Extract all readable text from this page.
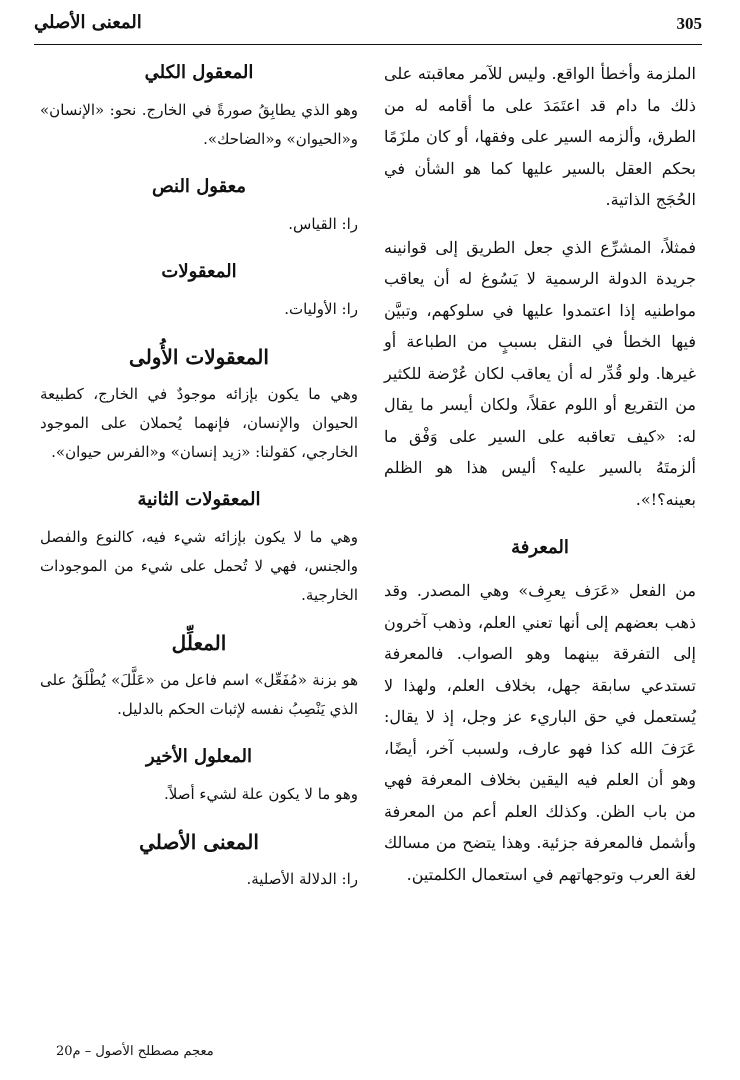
305
المعنى الأصلي

الملزمة وأخطأ الواقع. وليس للآمر معاقبته على ذلك ما دام قد اعتَمَدَ على ما أقامه له من الطرق، وألزمه السير على وفقها، أو كان ملزَمًا بحكم العقل بالسير عليها كما هو الشأن في الحُجَج الذاتية.

فمثلاً، المشرِّع الذي جعل الطريق إلى قوانينه جريدة الدولة الرسمية لا يَسُوغ له أن يعاقب مواطنيه إذا اعتمدوا عليها في سلوكهم، وتبيَّن فيها الخطأ في النقل بسببٍ من الطباعة أو غيرها. ولو قُدِّر له أن يعاقب لكان عُرْضة للكثير من التقريع أو اللوم عقلاً، ولكان أيسر ما يقال له: «كيف تعاقبه على السير على وَفْق ما ألزمتَهُ بالسير عليه؟ أليس هذا هو الظلم بعينه؟!».

المعرفة

من الفعل «عَرَف يعرِف» وهي المصدر. وقد ذهب بعضهم إلى أنها تعني العلم، وذهب آخرون إلى التفرقة بينهما وهو الصواب. فالمعرفة تستدعي سابقة جهل، بخلاف العلم، ولهذا لا يُستعمل في حق الباريء عز وجل، إذ لا يقال: عَرَفَ الله كذا فهو عارف، ولسبب آخر، أيضًا، وهو أن العلم فيه اليقين بخلاف المعرفة فهي من باب الظن. وكذلك العلم أعم من المعرفة وأشمل فالمعرفة جزئية. وهذا يتضح من مسالك لغة العرب وتوجهاتهم في استعمال الكلمتين.

المعقول الكلي

وهو الذي يطابِقُ صورةً في الخارج. نحو: «الإنسان» و«الحيوان» و«الضاحك».

معقول النص

را: القياس.

المعقولات

را: الأوليات.

المعقولات الأُولى

وهي ما يكون بإزائه موجودٌ في الخارج، كطبيعة الحيوان والإنسان، فإنهما يُحملان على الموجود الخارجي، كقولنا: «زيد إنسان» و«الفرس حيوان».

المعقولات الثانية

وهي ما لا يكون بإزائه شيء فيه، كالنوع والفصل والجنس، فهي لا تُحمل على شيء من الموجودات الخارجية.

المعلِّل

هو بزنة «مُفَعِّل» اسم فاعل من «عَلَّلَ» يُطْلَقُ على الذي يَنْصِبُ نفسه لإثبات الحكم بالدليل.

المعلول الأخير

وهو ما لا يكون علة لشيء أصلاً.

المعنى الأصلي

را: الدلالة الأصلية.

معجم مصطلح الأصول – م20
